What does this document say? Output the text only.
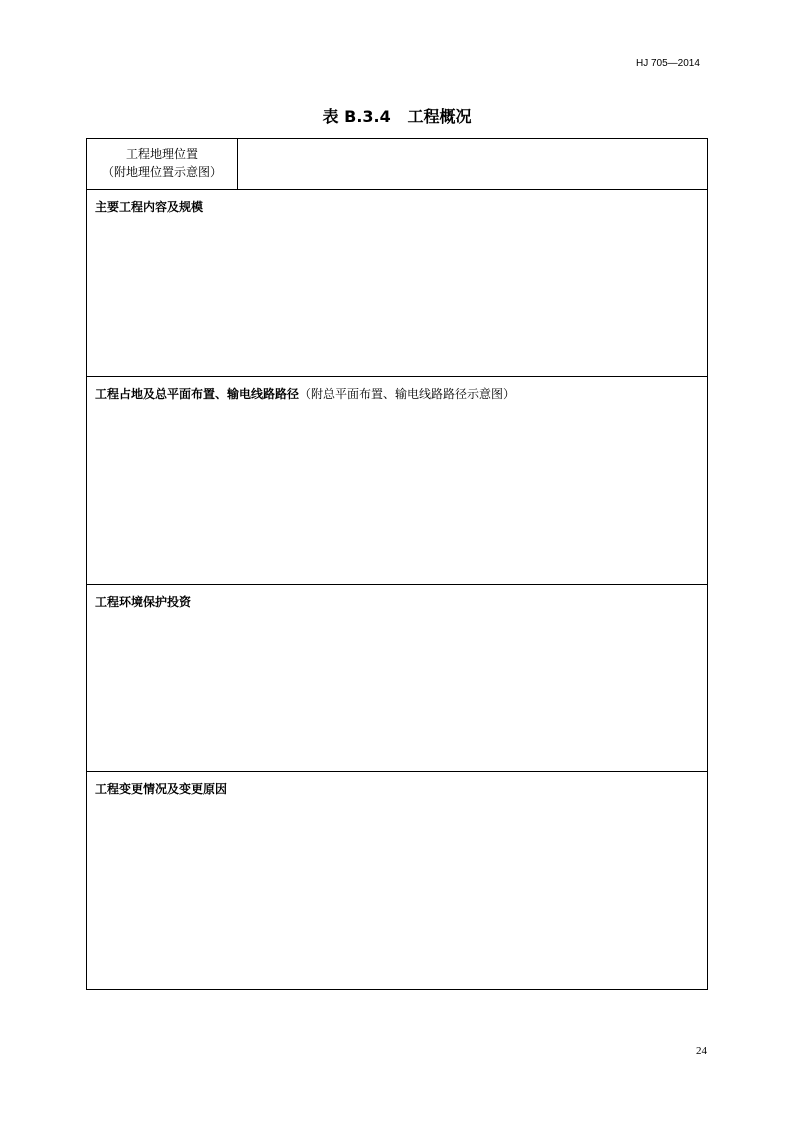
HJ 705—2014
表 B.3.4   工程概况
工程地理位置
（附地理位置示意图）
主要工程内容及规模
工程占地及总平面布置、输电线路路径（附总平面布置、输电线路路径示意图）
工程环境保护投资
工程变更情况及变更原因
24
